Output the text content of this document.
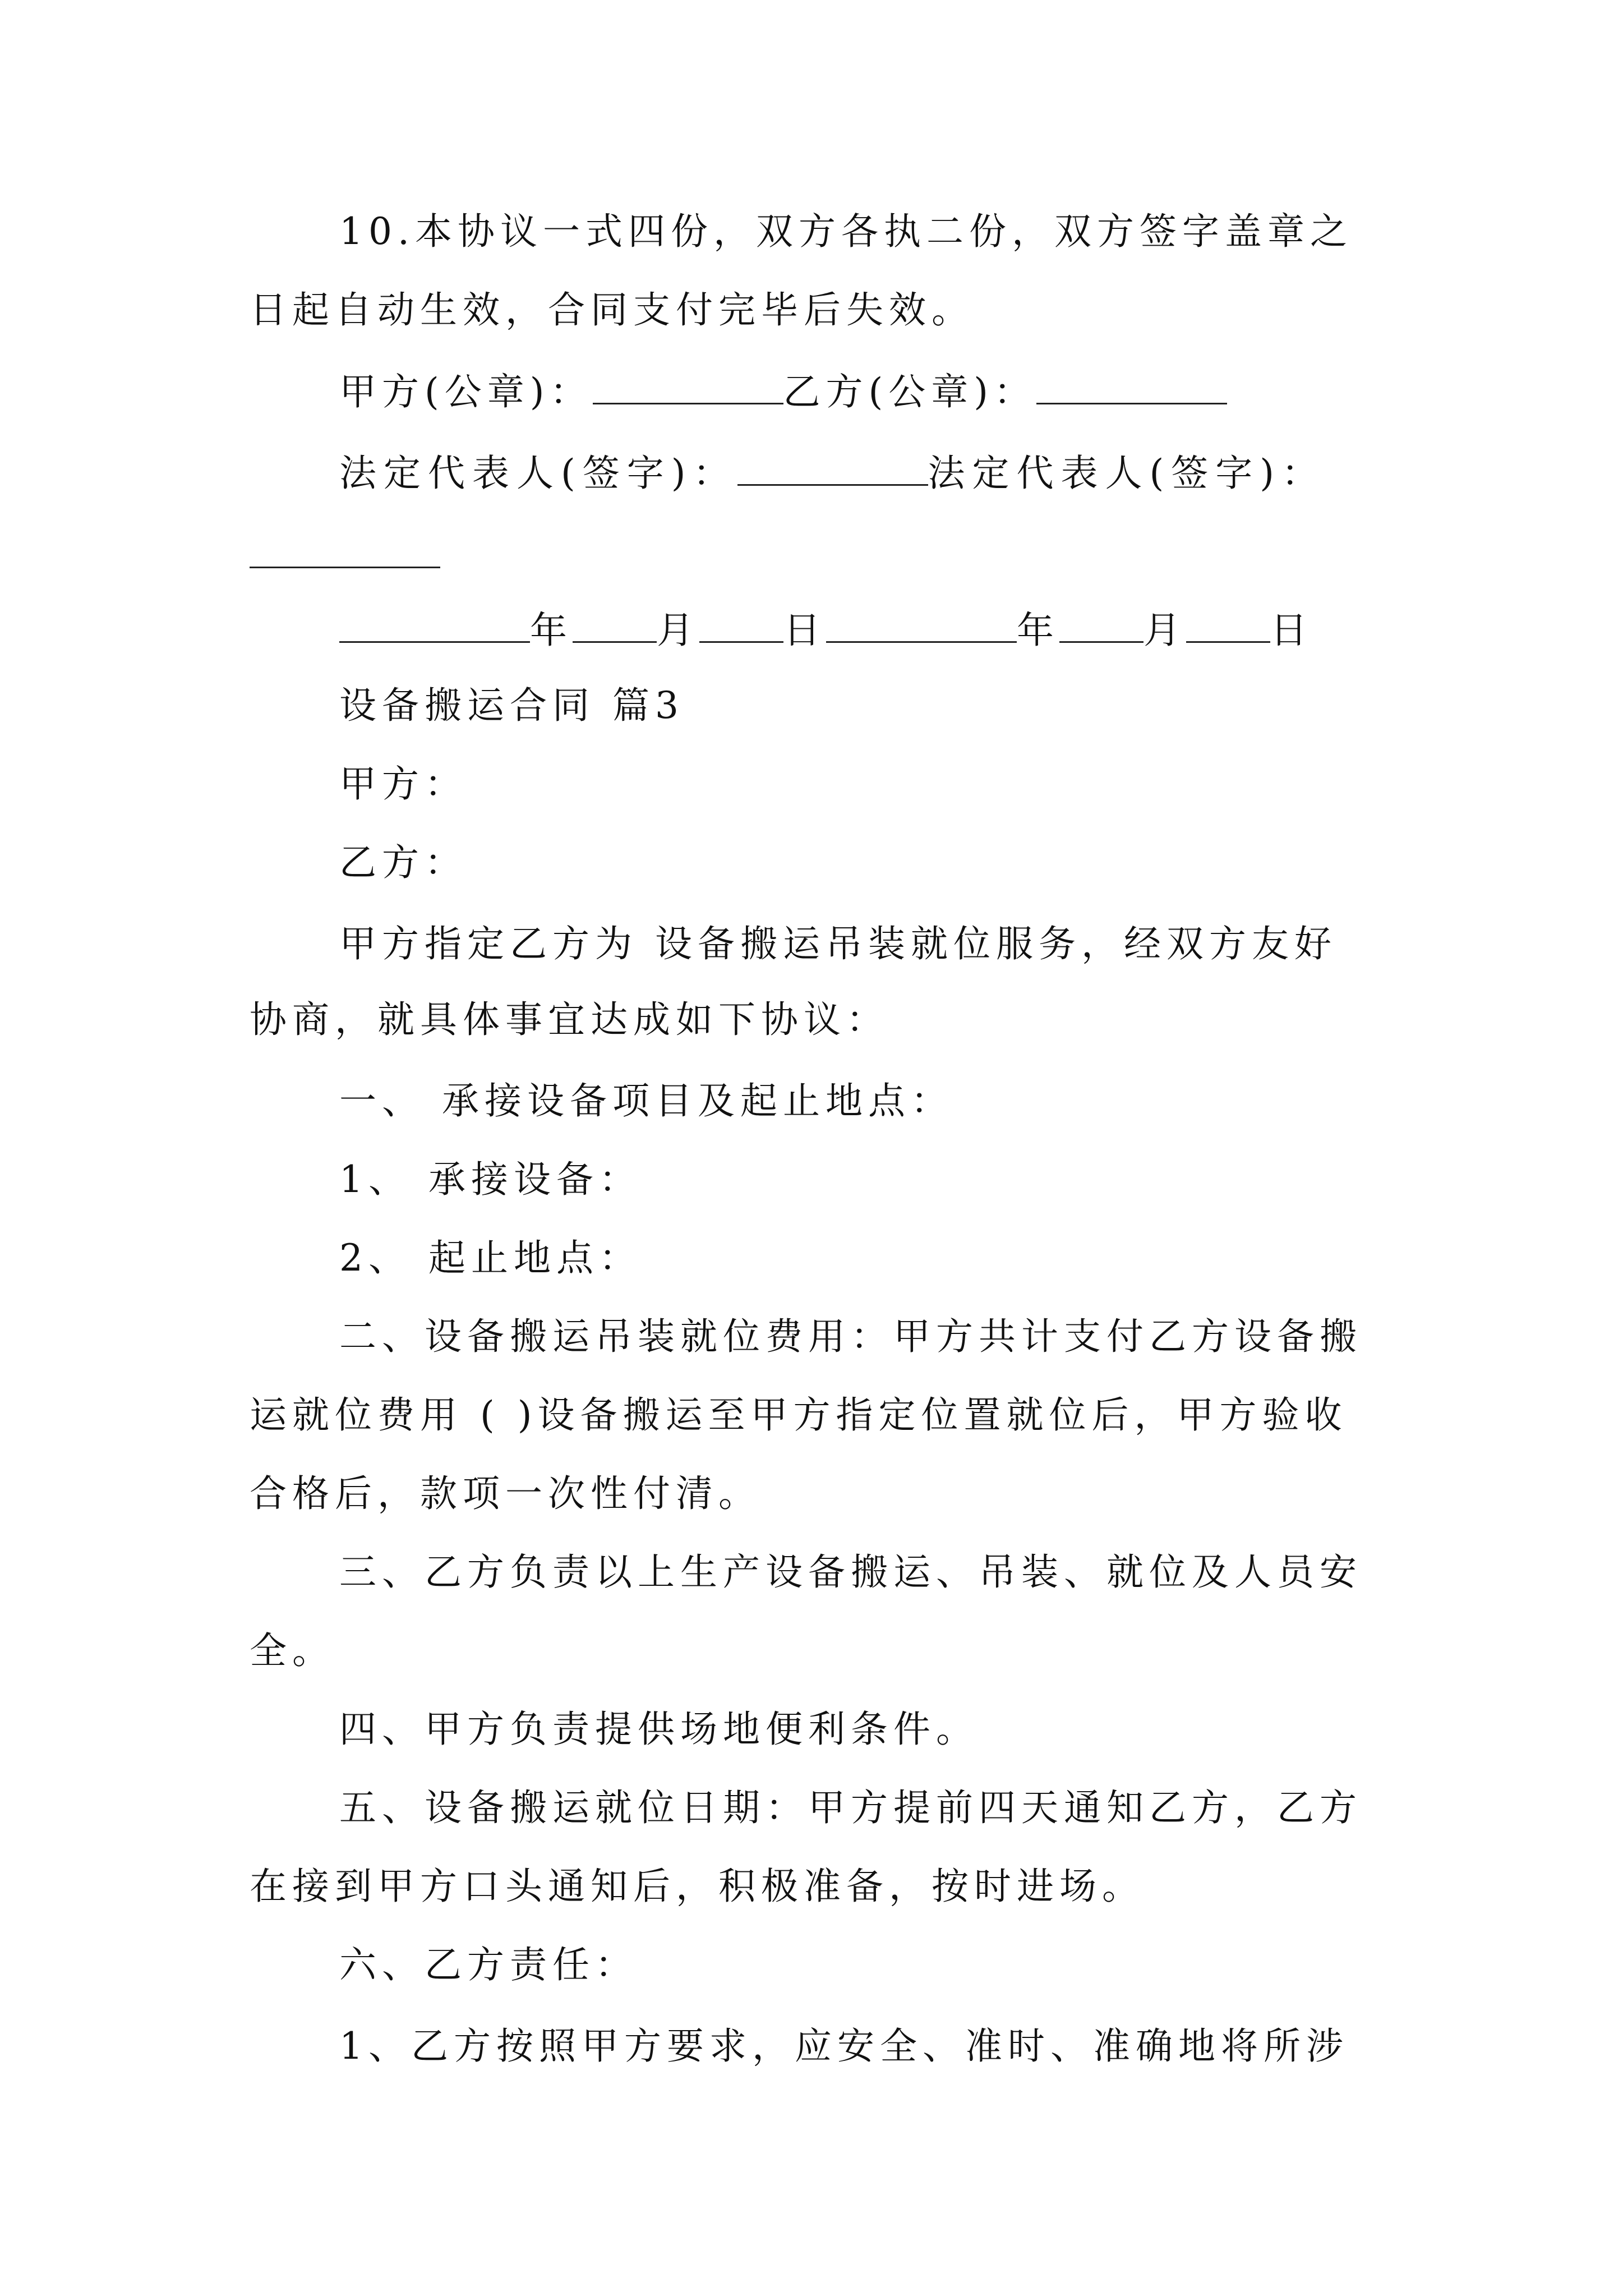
10.本协议一式四份，双方各执二份，双方签字盖章之
日起自动生效，合同支付完毕后失效。
甲方(公章)：	乙方(公章)：
法定代表人(签字)：	法定代表人(签字)：
年 月 日	年 月 日
设备搬运合同 篇3
甲方：
乙方：
甲方指定乙方为 设备搬运吊装就位服务，经双方友好
协商，就具体事宜达成如下协议：
一、 承接设备项目及起止地点：
1、 承接设备：
2、 起止地点：
二、设备搬运吊装就位费用：甲方共计支付乙方设备搬
运就位费用 ( )设备搬运至甲方指定位置就位后，甲方验收
合格后，款项一次性付清。
三、乙方负责以上生产设备搬运、吊装、就位及人员安
全。
四、甲方负责提供场地便利条件。
五、设备搬运就位日期：甲方提前四天通知乙方，乙方
在接到甲方口头通知后，积极准备，按时进场。
六、乙方责任：
1、乙方按照甲方要求，应安全、准时、准确地将所涉
